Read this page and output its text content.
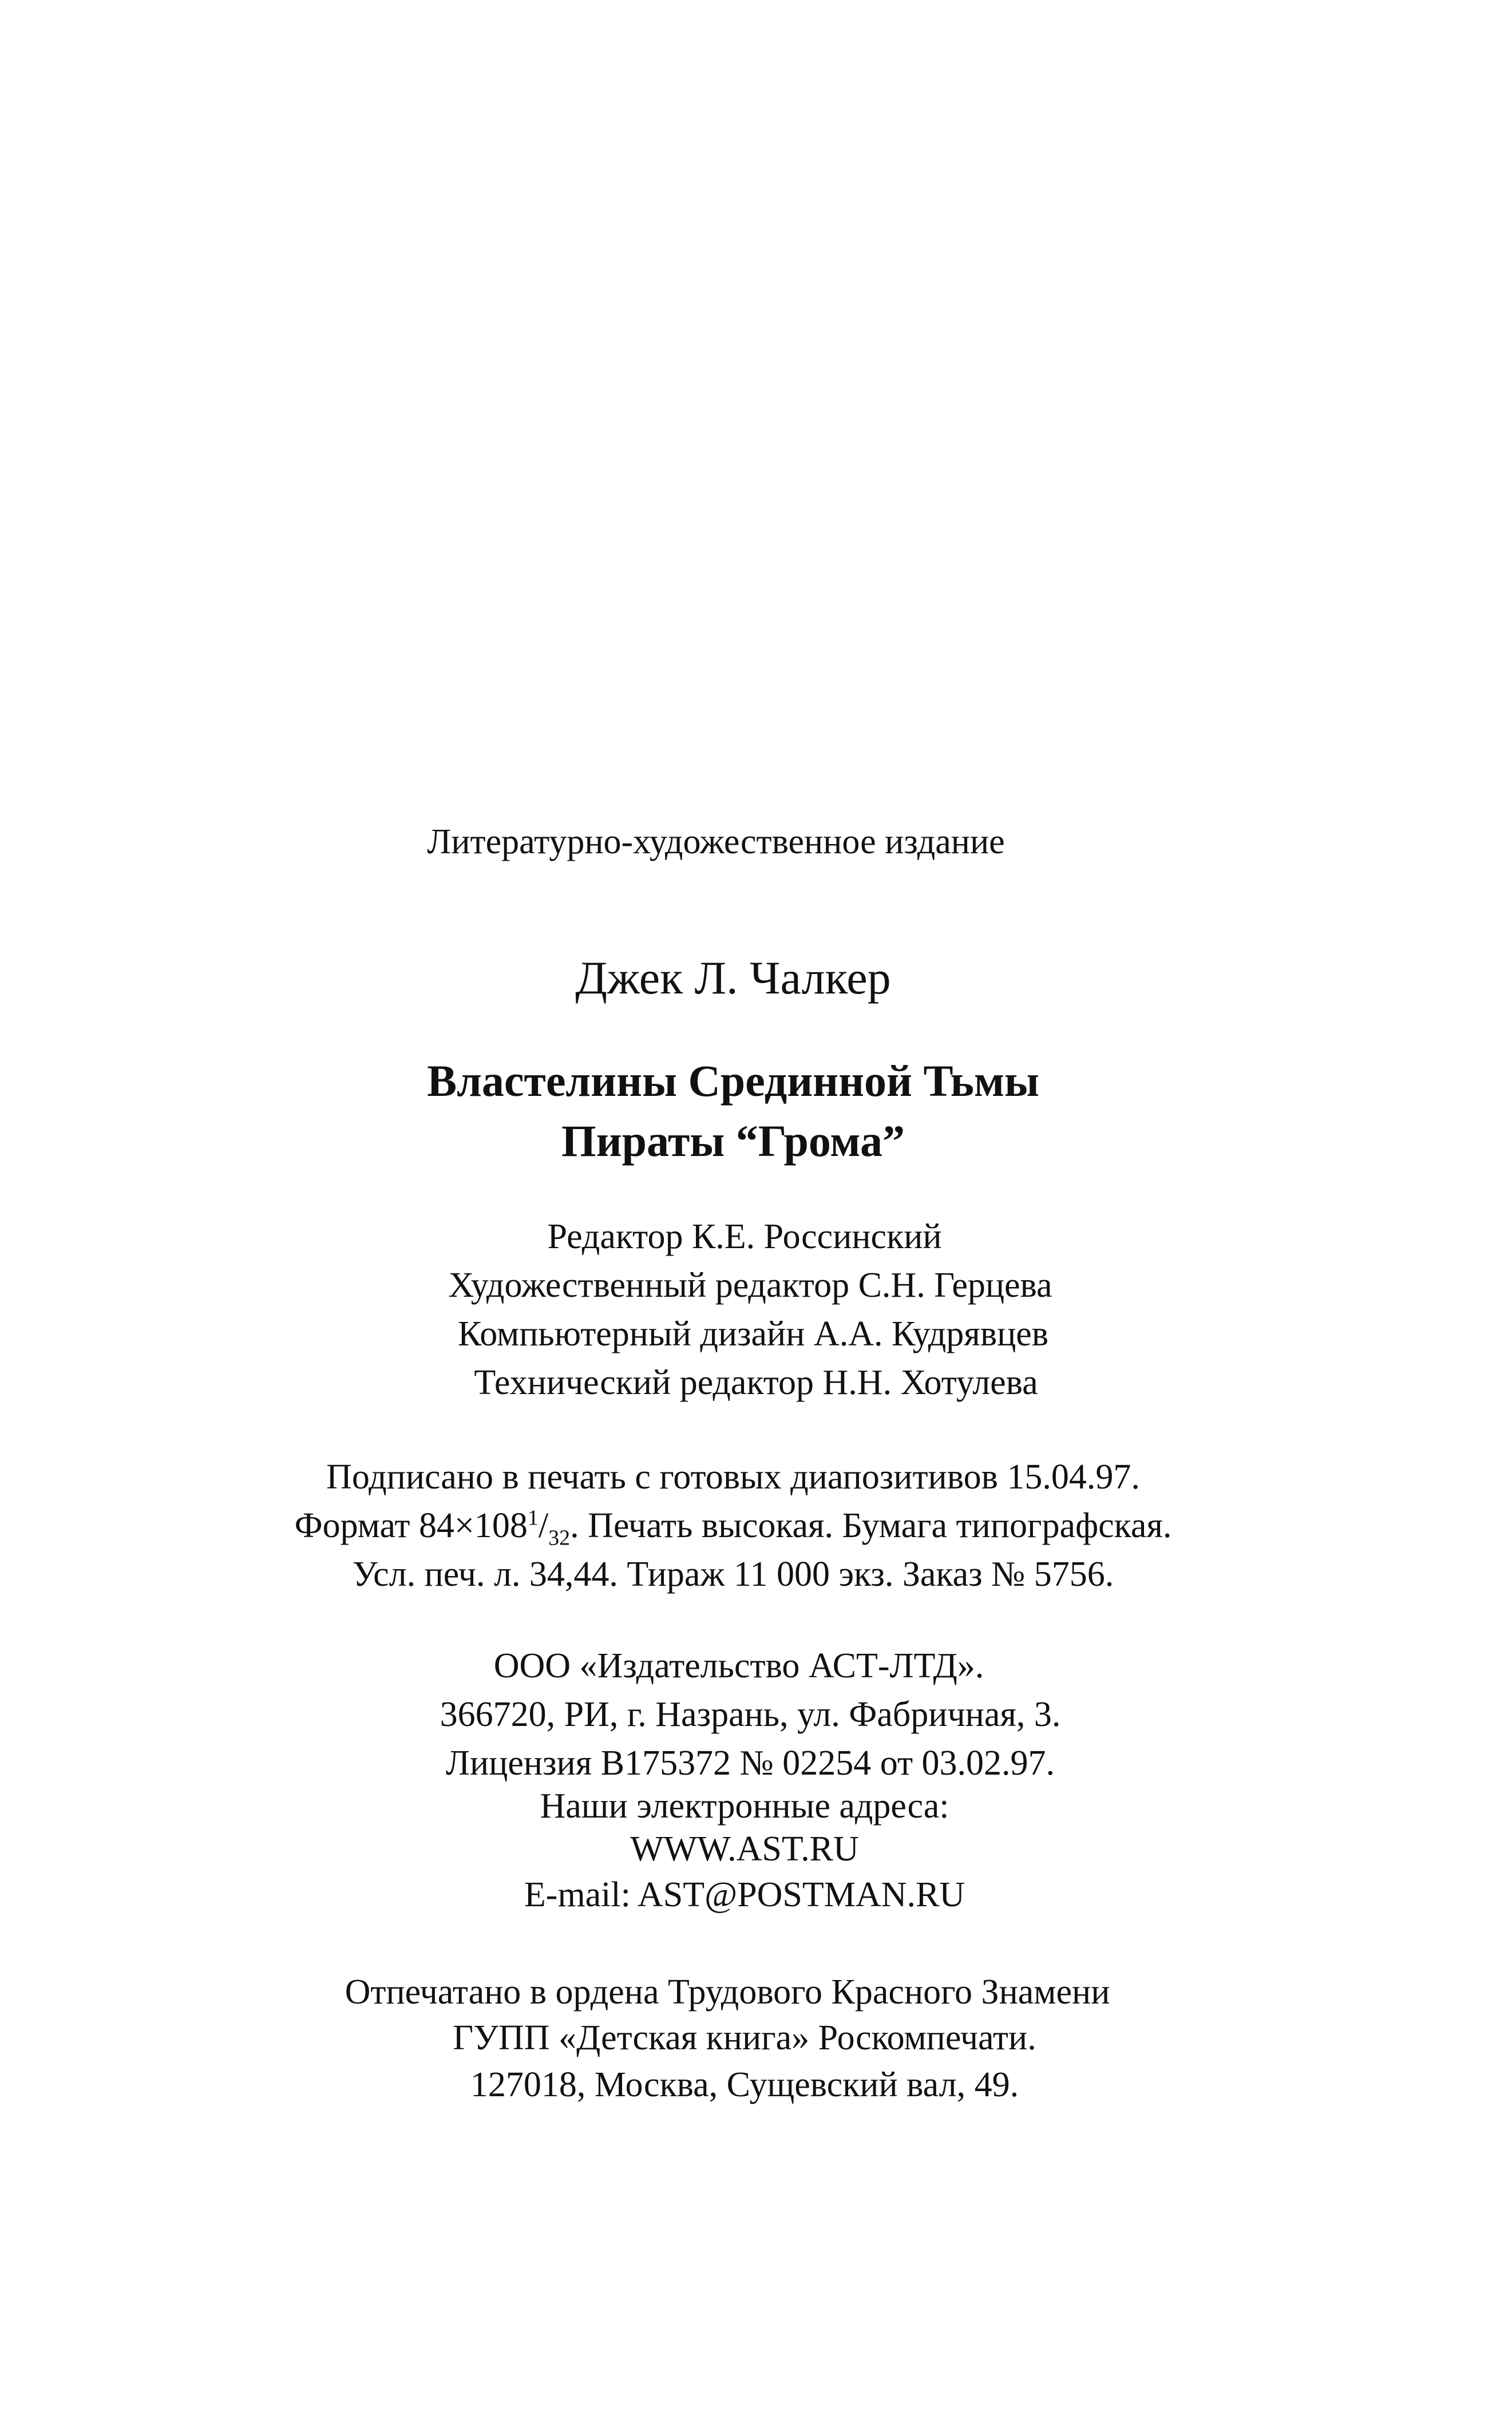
Литературно-художественное издание
Джек Л. Чалкер
Властелины Срединной Тьмы
Пираты “Грома”
Редактор К.Е. Россинский
Художественный редактор С.Н. Герцева
Компьютерный дизайн А.А. Кудрявцев
Технический редактор Н.Н. Хотулева
Подписано в печать с готовых диапозитивов 15.04.97.
Формат $84\times 108^1/_{32}$. Печать высокая. Бумага типографская.
Усл. печ. л. 34,44. Тираж 11 000 экз. Заказ № 5756.
ООО «Издательство АСТ-ЛТД».
366720, РИ, г. Назрань, ул. Фабричная, 3.
Лицензия В175372 № 02254 от 03.02.97.
Наши электронные адреса:
WWW.AST.RU
E-mail: AST@POSTMAN.RU
Отпечатано в ордена Трудового Красного Знамени
ГУПП «Детская книга» Роскомпечати.
127018, Москва, Сущевский вал, 49.
